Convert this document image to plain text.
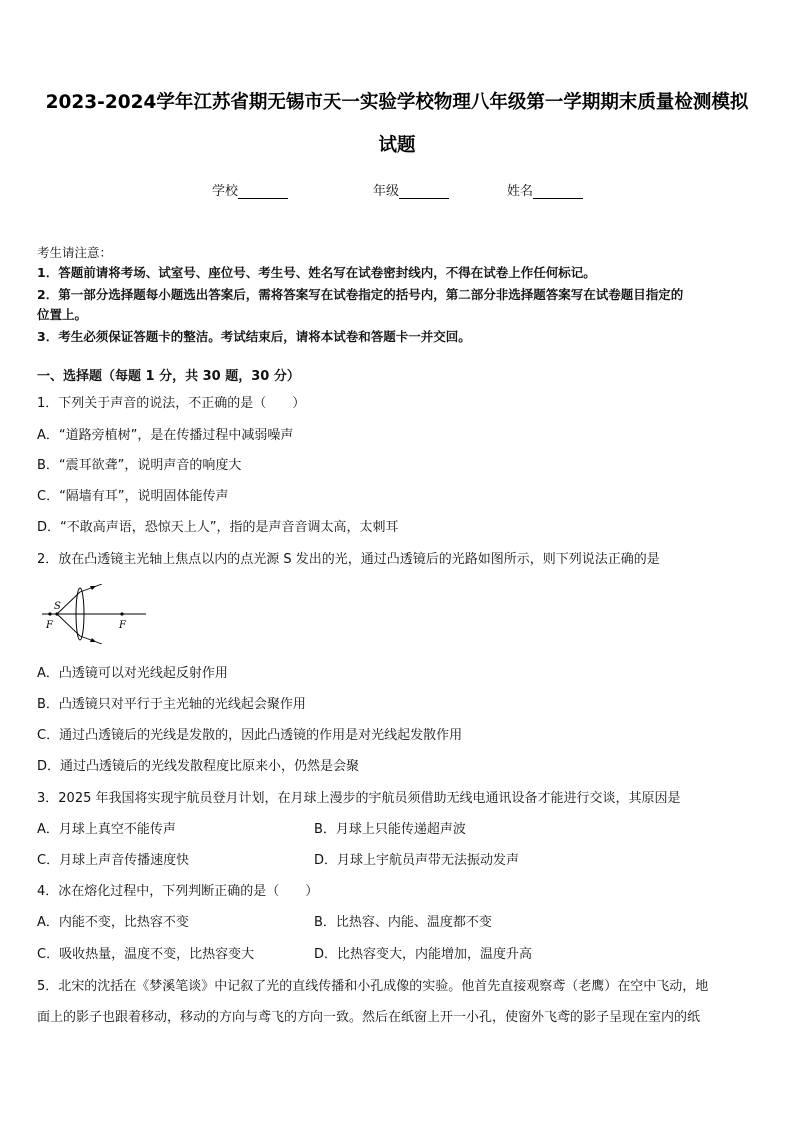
2023-2024学年江苏省期无锡市天一实验学校物理八年级第一学期期末质量检测模拟
试题
学校	年级	姓名
考生请注意：
1．答题前请将考场、试室号、座位号、考生号、姓名写在试卷密封线内，不得在试卷上作任何标记。
2．第一部分选择题每小题选出答案后，需将答案写在试卷指定的括号内，第二部分非选择题答案写在试卷题目指定的
位置上。
3．考生必须保证答题卡的整洁。考试结束后，请将本试卷和答题卡一并交回。
一、选择题（每题 1 分，共 30 题，30 分）
1．下列关于声音的说法，不正确的是（　　）
A．“道路旁植树”，是在传播过程中减弱噪声
B．“震耳欲聋”，说明声音的响度大
C．“隔墙有耳”，说明固体能传声
D．“不敢高声语，恐惊天上人”，指的是声音音调太高，太刺耳
2．放在凸透镜主光轴上焦点以内的点光源 S 发出的光，通过凸透镜后的光路如图所示，则下列说法正确的是
S
F	F
A．凸透镜可以对光线起反射作用
B．凸透镜只对平行于主光轴的光线起会聚作用
C．通过凸透镜后的光线是发散的，因此凸透镜的作用是对光线起发散作用
D．通过凸透镜后的光线发散程度比原来小，仍然是会聚
3．2025 年我国将实现宇航员登月计划，在月球上漫步的宇航员须借助无线电通讯设备才能进行交谈，其原因是
A．月球上真空不能传声	B．月球上只能传递超声波
C．月球上声音传播速度快	D．月球上宇航员声带无法振动发声
4．冰在熔化过程中，下列判断正确的是（　　）
A．内能不变，比热容不变	B．比热容、内能、温度都不变
C．吸收热量，温度不变，比热容变大	D．比热容变大，内能增加，温度升高
5．北宋的沈括在《梦溪笔谈》中记叙了光的直线传播和小孔成像的实验。他首先直接观察鸢（老鹰）在空中飞动，地
面上的影子也跟着移动，移动的方向与鸢飞的方向一致。然后在纸窗上开一小孔，使窗外飞鸢的影子呈现在室内的纸
